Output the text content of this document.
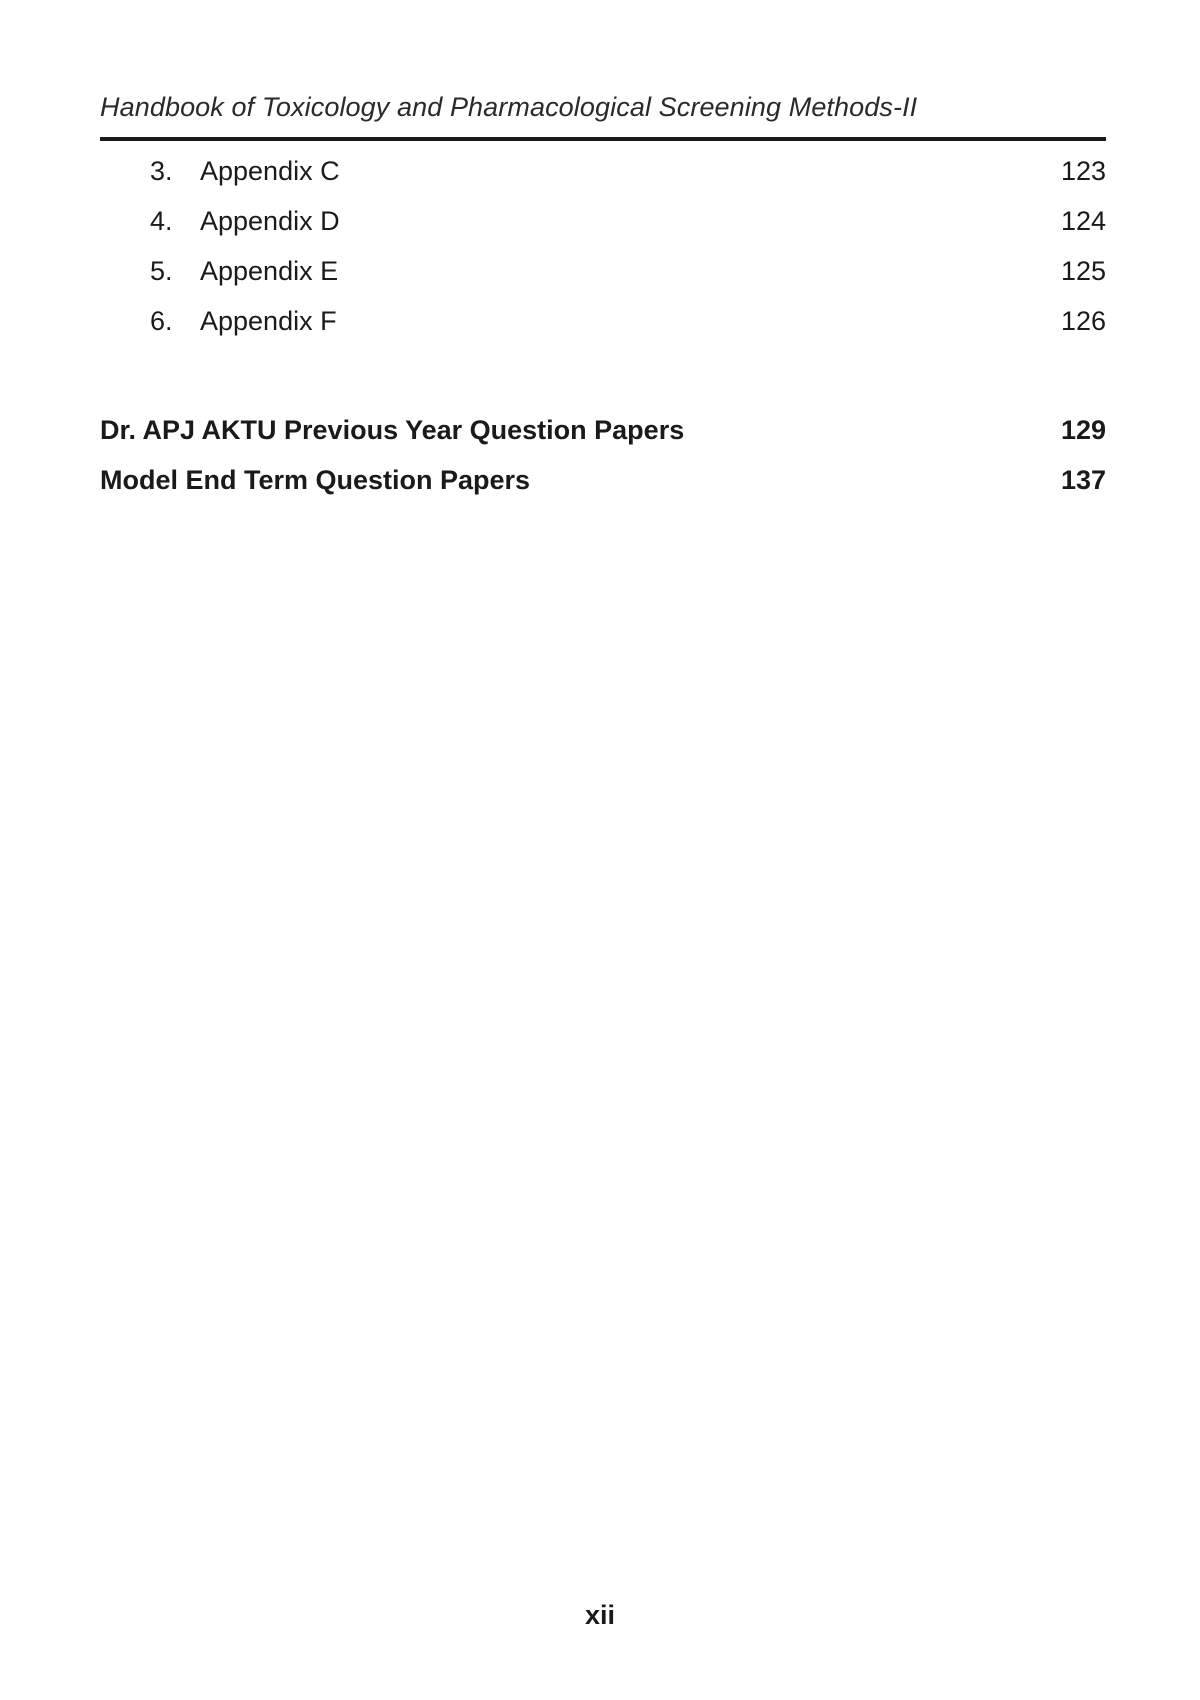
Handbook of Toxicology and Pharmacological Screening Methods-II
3.	Appendix C	123
4.	Appendix D	124
5.	Appendix E	125
6.	Appendix F	126
Dr. APJ AKTU Previous Year Question Papers	129
Model End Term Question Papers	137
xii
